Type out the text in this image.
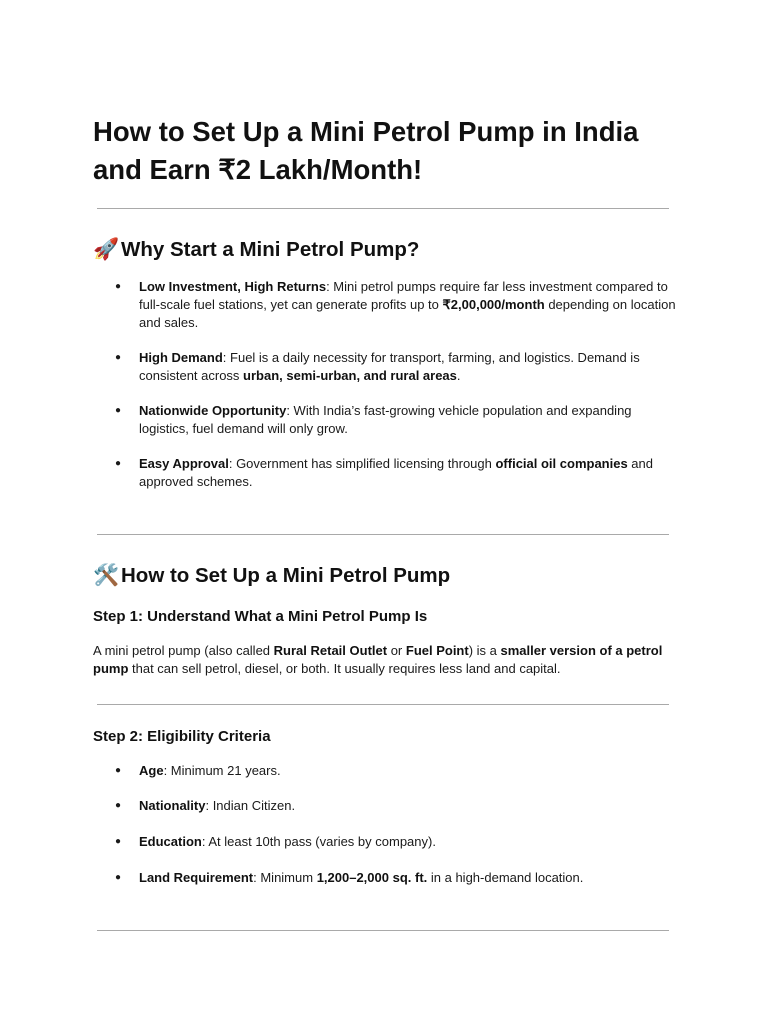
How to Set Up a Mini Petrol Pump in India and Earn ₹2 Lakh/Month!
🚀Why Start a Mini Petrol Pump?
● Low Investment, High Returns: Mini petrol pumps require far less investment compared to full-scale fuel stations, yet can generate profits up to ₹2,00,000/month depending on location and sales.
● High Demand: Fuel is a daily necessity for transport, farming, and logistics. Demand is consistent across urban, semi-urban, and rural areas.
● Nationwide Opportunity: With India’s fast-growing vehicle population and expanding logistics, fuel demand will only grow.
● Easy Approval: Government has simplified licensing through official oil companies and approved schemes.
🛠️How to Set Up a Mini Petrol Pump
Step 1: Understand What a Mini Petrol Pump Is
A mini petrol pump (also called Rural Retail Outlet or Fuel Point) is a smaller version of a petrol pump that can sell petrol, diesel, or both. It usually requires less land and capital.
Step 2: Eligibility Criteria
● Age: Minimum 21 years.
● Nationality: Indian Citizen.
● Education: At least 10th pass (varies by company).
● Land Requirement: Minimum 1,200–2,000 sq. ft. in a high-demand location.
